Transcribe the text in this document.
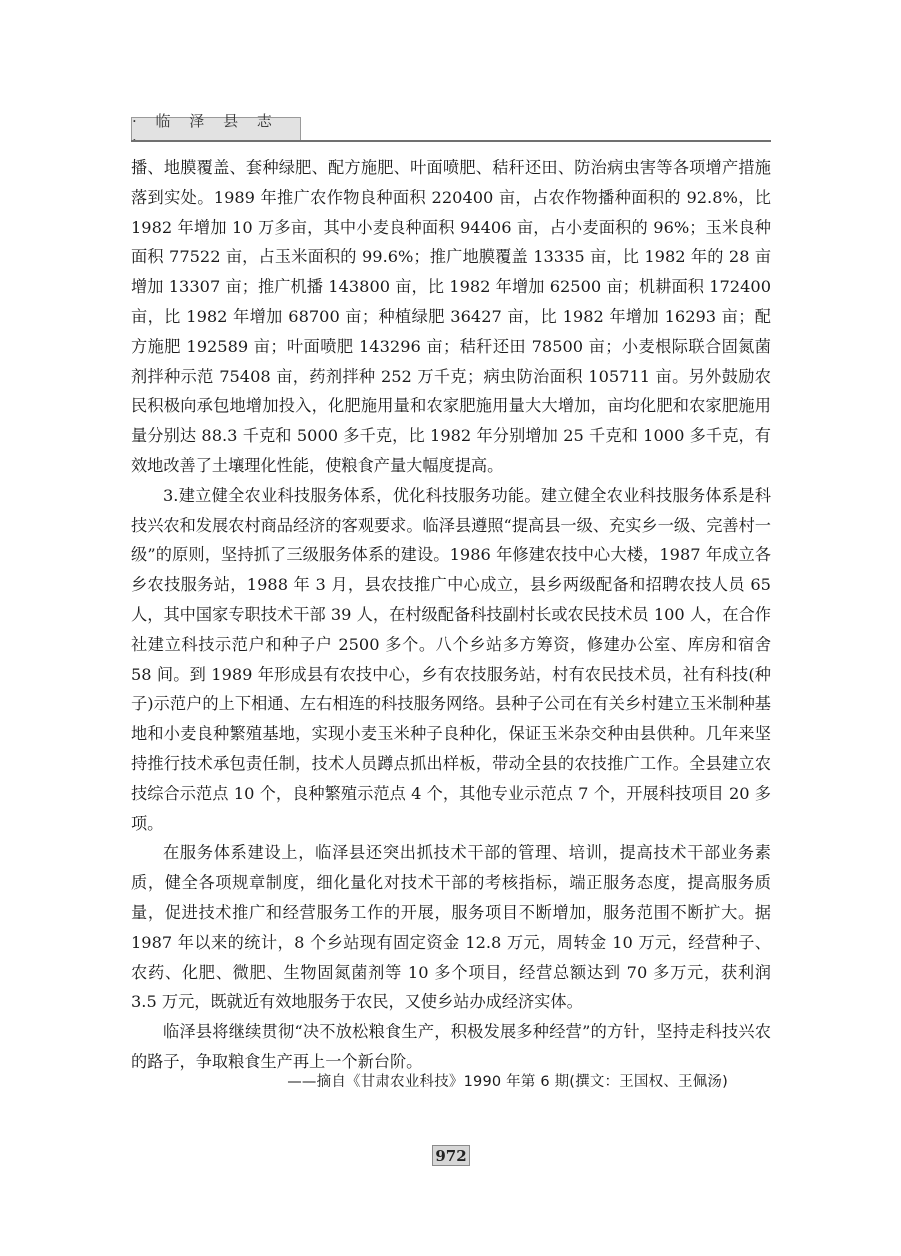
· 临 泽 县 志

播、地膜覆盖、套种绿肥、配方施肥、叶面喷肥、秸秆还田、防治病虫害等各项增产措施落到实处。1989 年推广农作物良种面积 220400 亩，占农作物播种面积的 92.8%，比 1982 年增加 10 万多亩，其中小麦良种面积 94406 亩，占小麦面积的 96%；玉米良种面积 77522 亩，占玉米面积的 99.6%；推广地膜覆盖 13335 亩，比 1982 年的 28 亩增加 13307 亩；推广机播 143800 亩，比 1982 年增加 62500 亩；机耕面积 172400 亩，比 1982 年增加 68700 亩；种植绿肥 36427 亩，比 1982 年增加 16293 亩；配方施肥 192589 亩；叶面喷肥 143296 亩；秸秆还田 78500 亩；小麦根际联合固氮菌剂拌种示范 75408 亩，药剂拌种 252 万千克；病虫防治面积 105711 亩。另外鼓励农民积极向承包地增加投入，化肥施用量和农家肥施用量大大增加，亩均化肥和农家肥施用量分别达 88.3 千克和 5000 多千克，比 1982 年分别增加 25 千克和 1000 多千克，有效地改善了土壤理化性能，使粮食产量大幅度提高。

3.建立健全农业科技服务体系，优化科技服务功能。建立健全农业科技服务体系是科技兴农和发展农村商品经济的客观要求。临泽县遵照“提高县一级、充实乡一级、完善村一级”的原则，坚持抓了三级服务体系的建设。1986 年修建农技中心大楼，1987 年成立各乡农技服务站，1988 年 3 月，县农技推广中心成立，县乡两级配备和招聘农技人员 65 人，其中国家专职技术干部 39 人，在村级配备科技副村长或农民技术员 100 人，在合作社建立科技示范户和种子户 2500 多个。八个乡站多方筹资，修建办公室、库房和宿舍 58 间。到 1989 年形成县有农技中心，乡有农技服务站，村有农民技术员，社有科技(种子)示范户的上下相通、左右相连的科技服务网络。县种子公司在有关乡村建立玉米制种基地和小麦良种繁殖基地，实现小麦玉米种子良种化，保证玉米杂交种由县供种。几年来坚持推行技术承包责任制，技术人员蹲点抓出样板，带动全县的农技推广工作。全县建立农技综合示范点 10 个，良种繁殖示范点 4 个，其他专业示范点 7 个，开展科技项目 20 多项。

在服务体系建设上，临泽县还突出抓技术干部的管理、培训，提高技术干部业务素质，健全各项规章制度，细化量化对技术干部的考核指标，端正服务态度，提高服务质量，促进技术推广和经营服务工作的开展，服务项目不断增加，服务范围不断扩大。据 1987 年以来的统计，8 个乡站现有固定资金 12.8 万元，周转金 10 万元，经营种子、农药、化肥、微肥、生物固氮菌剂等 10 多个项目，经营总额达到 70 多万元，获利润 3.5 万元，既就近有效地服务于农民，又使乡站办成经济实体。

临泽县将继续贯彻“决不放松粮食生产，积极发展多种经营”的方针，坚持走科技兴农的路子，争取粮食生产再上一个新台阶。

——摘自《甘肃农业科技》1990 年第 6 期(撰文：王国权、王佩汤)
972
